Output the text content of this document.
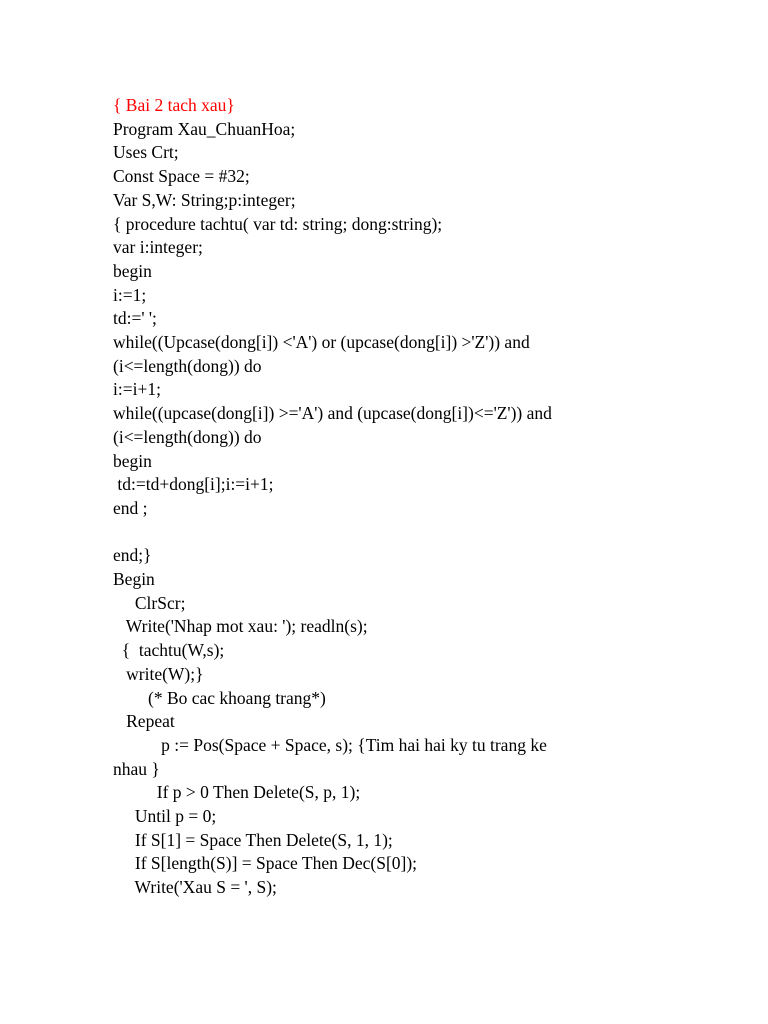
{ Bai 2 tach xau}
Program Xau_ChuanHoa;
Uses Crt;
Const Space = #32;
Var S,W: String;p:integer;
{ procedure tachtu( var td: string; dong:string);
var i:integer;
begin
i:=1;
td:=' ';
while((Upcase(dong[i]) <'A') or (upcase(dong[i]) >'Z')) and
(i<=length(dong)) do
i:=i+1;
while((upcase(dong[i]) >='A') and (upcase(dong[i])<='Z')) and
(i<=length(dong)) do
begin
td:=td+dong[i];i:=i+1;
end ;
end;}
Begin
ClrScr;
Write('Nhap mot xau: '); readln(s);
{  tachtu(W,s);
write(W);}
(* Bo cac khoang trang*)
Repeat
p := Pos(Space + Space, s); {Tim hai hai ky tu trang ke
nhau }
If p > 0 Then Delete(S, p, 1);
Until p = 0;
If S[1] = Space Then Delete(S, 1, 1);
If S[length(S)] = Space Then Dec(S[0]);
Write('Xau S = ', S);
